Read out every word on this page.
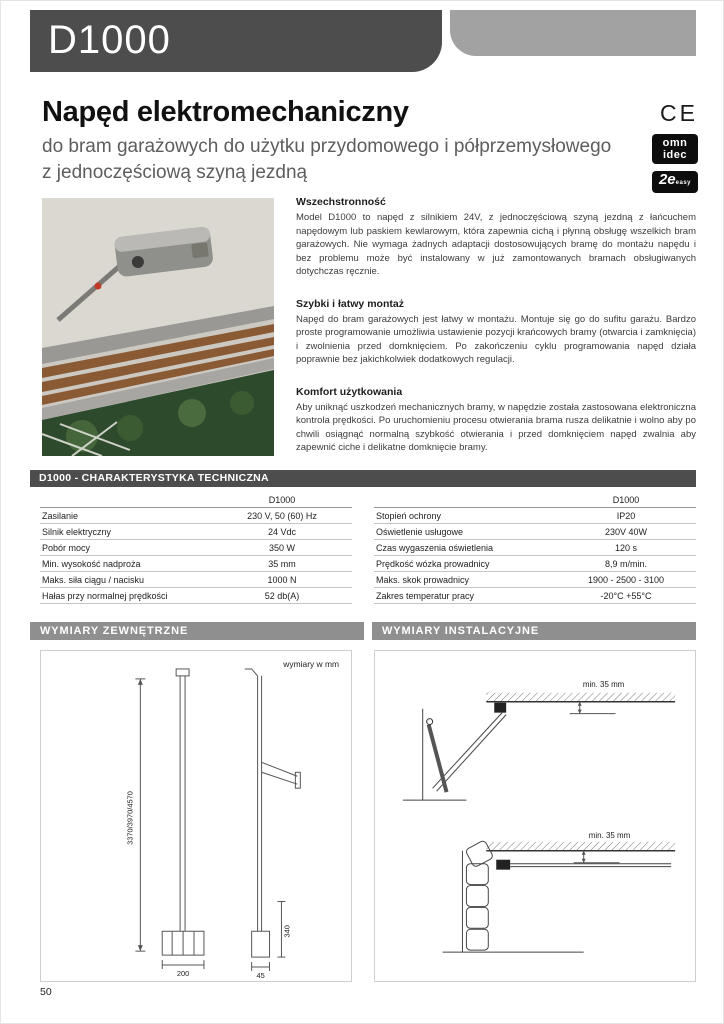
D1000
Napęd elektromechaniczny

do bram garażowych do użytku przydomowego i półprzemysłowego

z jednoczęściową szyną jezdną

CE
omn
idec
2eeasy
Wszechstronność

Model D1000 to napęd z silnikiem 24V, z jednoczęściową szyną jezdną z łańcuchem napędowym lub paskiem kewlarowym, która zapewnia cichą i płynną obsługę wszelkich bram garażowych. Nie wymaga żadnych adaptacji dostosowujących bramę do montażu napędu i bez problemu może być instalowany w już zamontowanych bramach obsługiwanych dotychczas ręcznie.

Szybki i łatwy montaż

Napęd do bram garażowych jest łatwy w montażu. Montuje się go do sufitu garażu. Bardzo proste programowanie umożliwia ustawienie pozycji krańcowych bramy (otwarcia i zamknięcia) i zwolnienia przed domknięciem. Po zakończeniu cyklu programowania napęd działa poprawnie bez jakichkolwiek dodatkowych regulacji.

Komfort użytkowania

Aby uniknąć uszkodzeń mechanicznych bramy, w napędzie została zastosowana elektroniczna kontrola prędkości. Po uruchomieniu procesu otwierania brama rusza delikatnie i wolno aby po chwili osiągnąć normalną szybkość otwierania i przed domknięciem napęd zwalnia aby zapewnić ciche i delikatne domknięcie bramy.

D1000 - CHARAKTERYSTYKA TECHNICZNA
D1000
Zasilanie	230 V, 50 (60) Hz
Silnik elektryczny	24 Vdc
Pobór mocy	350 W
Min. wysokość nadproża	35 mm
Maks. siła ciągu / nacisku	1000 N
Hałas przy normalnej prędkości	52 db(A)
D1000
Stopień ochrony	IP20
Oświetlenie usługowe	230V 40W
Czas wygaszenia oświetlenia	120 s
Prędkość wózka prowadnicy	8,9 m/min.
Maks. skok prowadnicy	1900 - 2500 - 3100
Zakres temperatur pracy	-20°C +55°C
WYMIARY ZEWNĘTRZNE	WYMIARY INSTALACYJNE
wymiary w mm
3370/3970/4570
200	45
340
min. 35 mm
min. 35 mm
50
